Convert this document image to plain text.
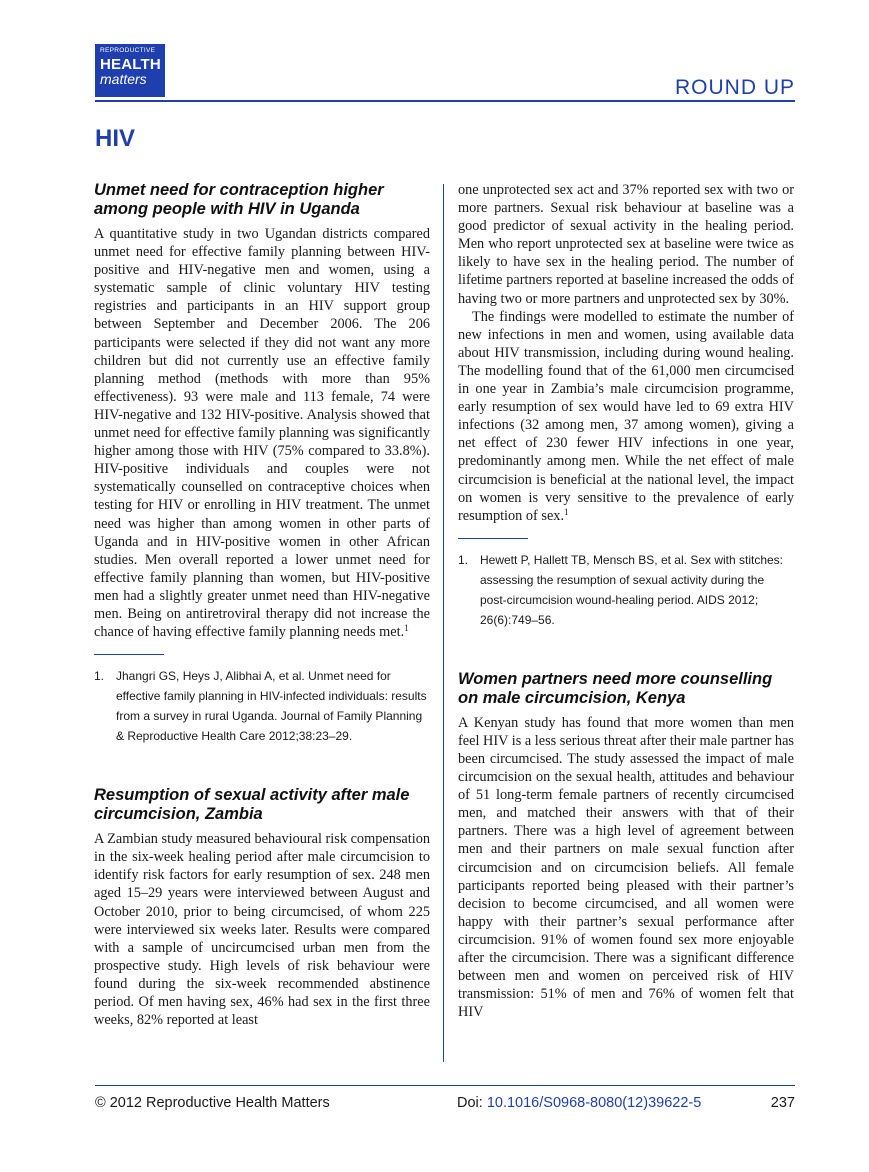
REPRODUCTIVE
HEALTH
matters	ROUND UP
HIV
Unmet need for contraception higher among people with HIV in Uganda

A quantitative study in two Ugandan districts compared unmet need for effective family planning between HIV-positive and HIV-negative men and women, using a systematic sample of clinic voluntary HIV testing registries and participants in an HIV support group between September and December 2006. The 206 participants were selected if they did not want any more children but did not currently use an effective family planning method (methods with more than 95% effectiveness). 93 were male and 113 female, 74 were HIV-negative and 132 HIV-positive. Analysis showed that unmet need for effective family planning was significantly higher among those with HIV (75% compared to 33.8%). HIV-positive individuals and couples were not systematically counselled on contraceptive choices when testing for HIV or enrolling in HIV treatment. The unmet need was higher than among women in other parts of Uganda and in HIV-positive women in other African studies. Men overall reported a lower unmet need for effective family planning than women, but HIV-positive men had a slightly greater unmet need than HIV-negative men. Being on antiretroviral therapy did not increase the chance of having effective family planning needs met.$^1$

1. Jhangri GS, Heys J, Alibhai A, et al. Unmet need for effective family planning in HIV-infected individuals: results from a survey in rural Uganda. Journal of Family Planning & Reproductive Health Care 2012;38:23–29.
Resumption of sexual activity after male circumcision, Zambia

A Zambian study measured behavioural risk compensation in the six-week healing period after male circumcision to identify risk factors for early resumption of sex. 248 men aged 15–29 years were interviewed between August and October 2010, prior to being circumcised, of whom 225 were interviewed six weeks later. Results were compared with a sample of uncircumcised urban men from the prospective study. High levels of risk behaviour were found during the six-week recommended abstinence period. Of men having sex, 46% had sex in the first three weeks, 82% reported at least

one unprotected sex act and 37% reported sex with two or more partners. Sexual risk behaviour at baseline was a good predictor of sexual activity in the healing period. Men who report unprotected sex at baseline were twice as likely to have sex in the healing period. The number of lifetime partners reported at baseline increased the odds of having two or more partners and unprotected sex by 30%.

The findings were modelled to estimate the number of new infections in men and women, using available data about HIV transmission, including during wound healing. The modelling found that of the 61,000 men circumcised in one year in Zambia’s male circumcision programme, early resumption of sex would have led to 69 extra HIV infections (32 among men, 37 among women), giving a net effect of 230 fewer HIV infections in one year, predominantly among men. While the net effect of male circumcision is beneficial at the national level, the impact on women is very sensitive to the prevalence of early resumption of sex.$^1$

1. Hewett P, Hallett TB, Mensch BS, et al. Sex with stitches: assessing the resumption of sexual activity during the post-circumcision wound-healing period. AIDS 2012; 26(6):749–56.
Women partners need more counselling on male circumcision, Kenya

A Kenyan study has found that more women than men feel HIV is a less serious threat after their male partner has been circumcised. The study assessed the impact of male circumcision on the sexual health, attitudes and behaviour of 51 long-term female partners of recently circumcised men, and matched their answers with that of their partners. There was a high level of agreement between men and their partners on male sexual function after circumcision and on circumcision beliefs. All female participants reported being pleased with their partner’s decision to become circumcised, and all women were happy with their partner’s sexual performance after circumcision. 91% of women found sex more enjoyable after the circumcision. There was a significant difference between men and women on perceived risk of HIV transmission: 51% of men and 76% of women felt that HIV

© 2012 Reproductive Health Matters	Doi: 10.1016/S0968-8080(12)39622-5	237
